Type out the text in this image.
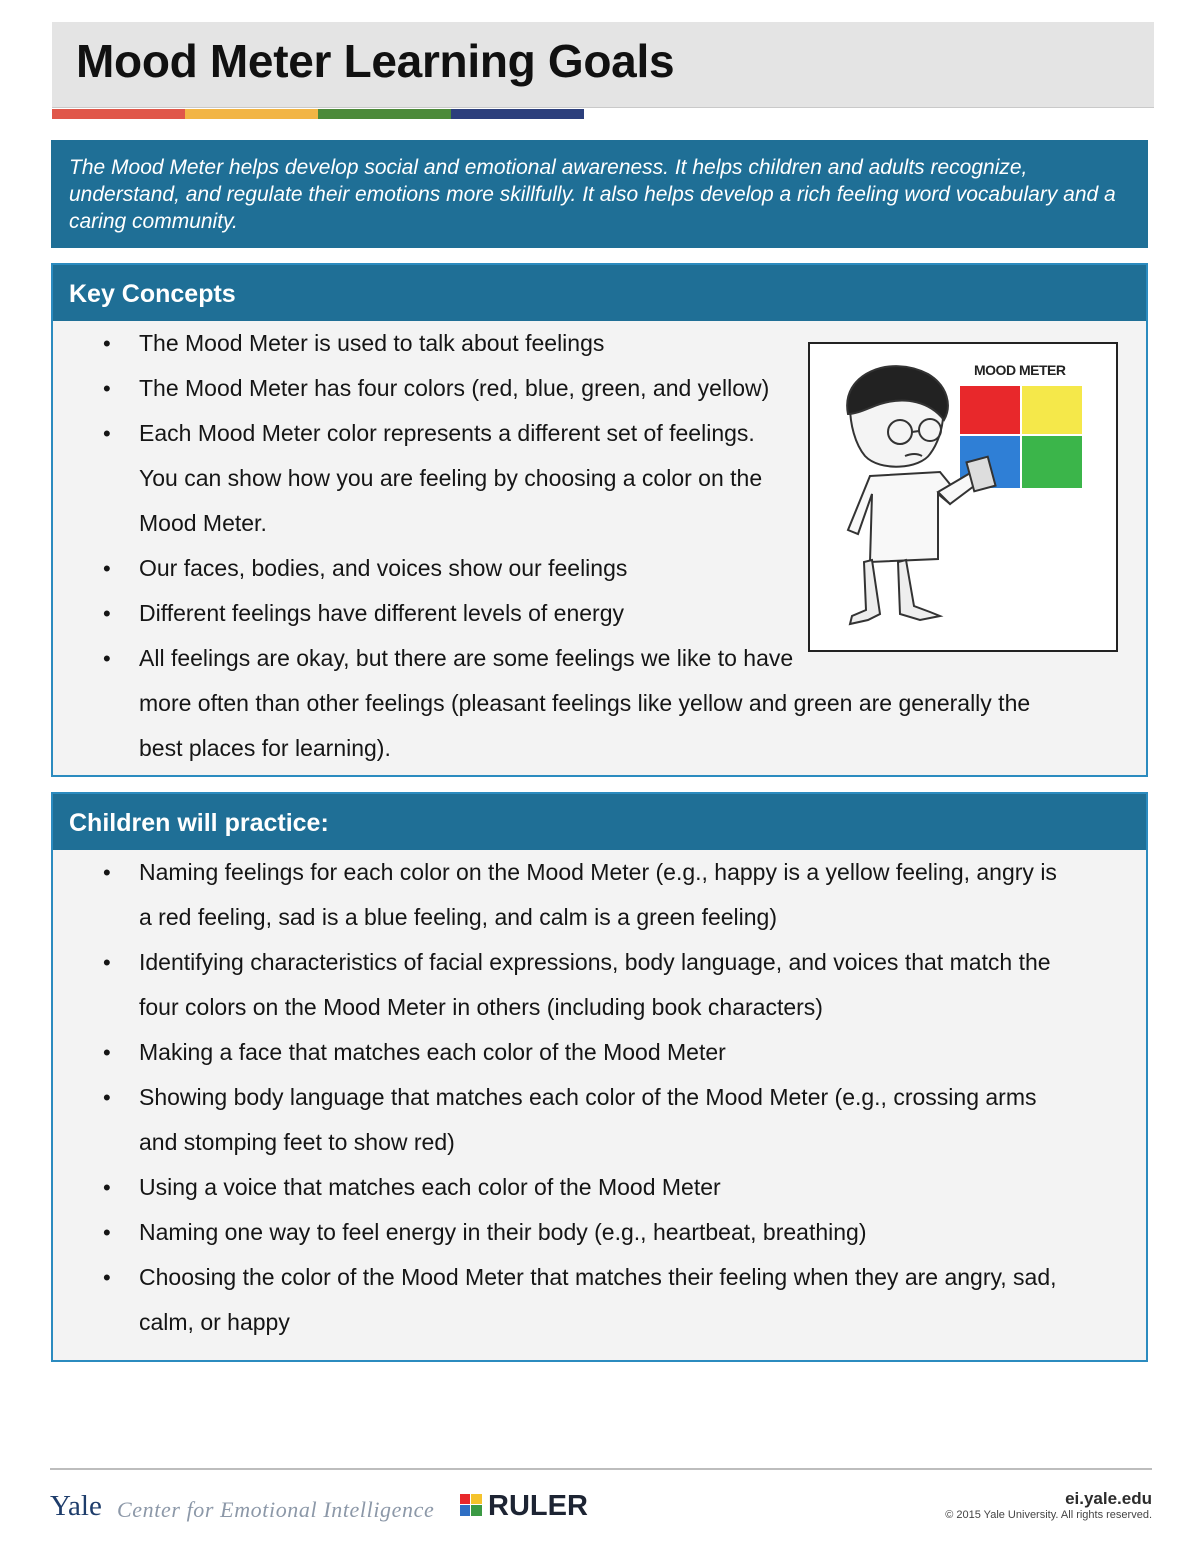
Mood Meter Learning Goals

The Mood Meter helps develop social and emotional awareness. It helps children and adults recognize, understand, and regulate their emotions more skillfully. It also helps develop a rich feeling word vocabulary and a caring community.

Key Concepts
• The Mood Meter is used to talk about feelings
• The Mood Meter has four colors (red, blue, green, and yellow)
• Each Mood Meter color represents a different set of feelings.
• You can show how you are feeling by choosing a color on the
• Mood Meter.
• Our faces, bodies, and voices show our feelings
• Different feelings have different levels of energy
• All feelings are okay, but there are some feelings we like to have
• more often than other feelings (pleasant feelings like yellow and green are generally the
• best places for learning).
MOOD METER
Children will practice:
• Naming feelings for each color on the Mood Meter (e.g., happy is a yellow feeling, angry is
• a red feeling, sad is a blue feeling, and calm is a green feeling)
• Identifying characteristics of facial expressions, body language, and voices that match the
• four colors on the Mood Meter in others (including book characters)
• Making a face that matches each color of the Mood Meter
• Showing body language that matches each color of the Mood Meter (e.g., crossing arms
• and stomping feet to show red)
• Using a voice that matches each color of the Mood Meter
• Naming one way to feel energy in their body (e.g., heartbeat, breathing)
• Choosing the color of the Mood Meter that matches their feeling when they are angry, sad,
• calm, or happy
Yale Center for Emotional Intelligence RULER	ei.yale.edu
© 2015 Yale University. All rights reserved.
